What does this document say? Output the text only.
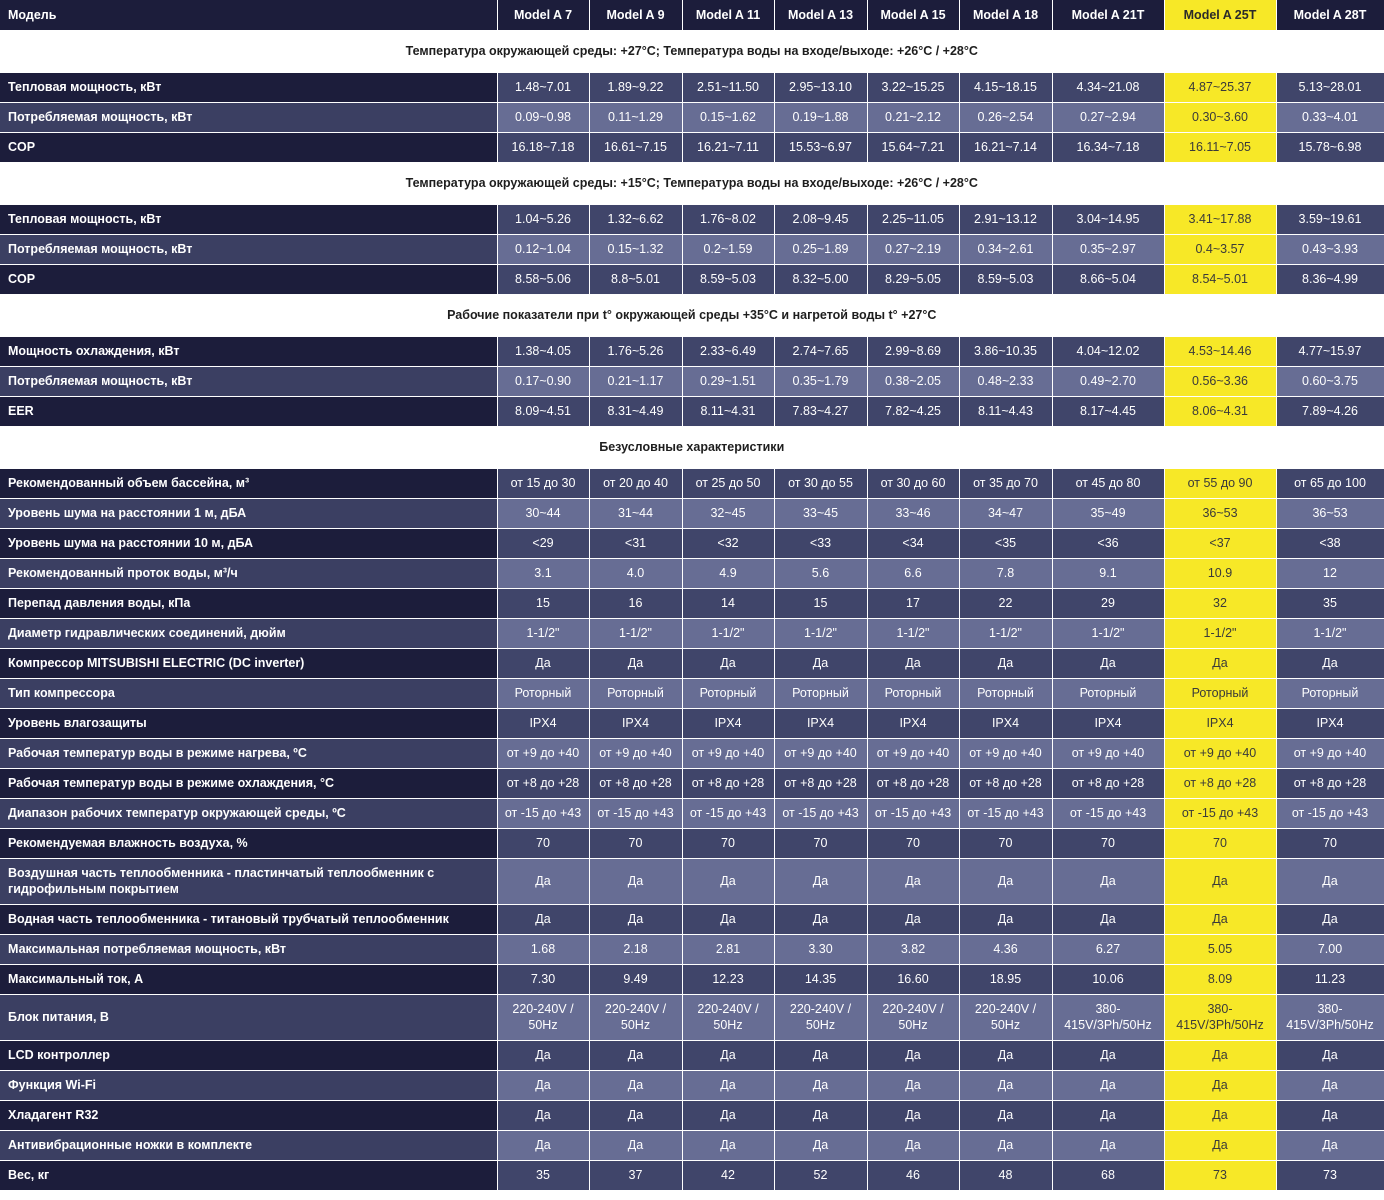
Модель	Model A 7	Model A 9	Model A 11	Model A 13	Model A 15	Model A 18	Model A 21T	Model A 25T	Model A 28T
Температура окружающей среды: +27°C; Температура воды на входе/выходе: +26°C / +28°C									
Тепловая мощность, кВт	1.48~7.01	1.89~9.22	2.51~11.50	2.95~13.10	3.22~15.25	4.15~18.15	4.34~21.08	4.87~25.37	5.13~28.01
Потребляемая мощность, кВт	0.09~0.98	0.11~1.29	0.15~1.62	0.19~1.88	0.21~2.12	0.26~2.54	0.27~2.94	0.30~3.60	0.33~4.01
COP	16.18~7.18	16.61~7.15	16.21~7.11	15.53~6.97	15.64~7.21	16.21~7.14	16.34~7.18	16.11~7.05	15.78~6.98
Температура окружающей среды: +15°C; Температура воды на входе/выходе: +26°C / +28°C									
Тепловая мощность, кВт	1.04~5.26	1.32~6.62	1.76~8.02	2.08~9.45	2.25~11.05	2.91~13.12	3.04~14.95	3.41~17.88	3.59~19.61
Потребляемая мощность, кВт	0.12~1.04	0.15~1.32	0.2~1.59	0.25~1.89	0.27~2.19	0.34~2.61	0.35~2.97	0.4~3.57	0.43~3.93
COP	8.58~5.06	8.8~5.01	8.59~5.03	8.32~5.00	8.29~5.05	8.59~5.03	8.66~5.04	8.54~5.01	8.36~4.99
Рабочие показатели при t° окружающей среды +35°C и нагретой воды t° +27°C									
Мощность охлаждения, кВт	1.38~4.05	1.76~5.26	2.33~6.49	2.74~7.65	2.99~8.69	3.86~10.35	4.04~12.02	4.53~14.46	4.77~15.97
Потребляемая мощность, кВт	0.17~0.90	0.21~1.17	0.29~1.51	0.35~1.79	0.38~2.05	0.48~2.33	0.49~2.70	0.56~3.36	0.60~3.75
EER	8.09~4.51	8.31~4.49	8.11~4.31	7.83~4.27	7.82~4.25	8.11~4.43	8.17~4.45	8.06~4.31	7.89~4.26
Безусловные характеристики									
Рекомендованный объем бассейна, м³	от 15 до 30	от 20 до 40	от 25 до 50	от 30 до 55	от 30 до 60	от 35 до 70	от 45 до 80	от 55 до 90	от 65 до 100
Уровень шума на расстоянии 1 м, дБА	30~44	31~44	32~45	33~45	33~46	34~47	35~49	36~53	36~53
Уровень шума на расстоянии 10 м, дБА	<29	<31	<32	<33	<34	<35	<36	<37	<38
Рекомендованный проток воды, м³/ч	3.1	4.0	4.9	5.6	6.6	7.8	9.1	10.9	12
Перепад давления воды, кПа	15	16	14	15	17	22	29	32	35
Диаметр гидравлических соединений, дюйм	1-1/2"	1-1/2"	1-1/2"	1-1/2"	1-1/2"	1-1/2"	1-1/2"	1-1/2"	1-1/2"
Компрессор MITSUBISHI ELECTRIC (DC inverter)	Да	Да	Да	Да	Да	Да	Да	Да	Да
Тип компрессора	Роторный	Роторный	Роторный	Роторный	Роторный	Роторный	Роторный	Роторный	Роторный
Уровень влагозащиты	IPX4	IPX4	IPX4	IPX4	IPX4	IPX4	IPX4	IPX4	IPX4
Рабочая температур воды в режиме нагрева, ºC	от +9 до +40	от +9 до +40	от +9 до +40	от +9 до +40	от +9 до +40	от +9 до +40	от +9 до +40	от +9 до +40	от +9 до +40
Рабочая температур воды в режиме охлаждения, °C	от +8 до +28	от +8 до +28	от +8 до +28	от +8 до +28	от +8 до +28	от +8 до +28	от +8 до +28	от +8 до +28	от +8 до +28
Диапазон рабочих температур окружающей среды, ºC	от -15 до +43	от -15 до +43	от -15 до +43	от -15 до +43	от -15 до +43	от -15 до +43	от -15 до +43	от -15 до +43	от -15 до +43
Рекомендуемая влажность воздуха, %	70	70	70	70	70	70	70	70	70
Воздушная часть теплообменника - пластинчатый теплообменник с гидрофильным покрытием	Да	Да	Да	Да	Да	Да	Да	Да	Да
Водная часть теплообменника - титановый трубчатый теплообменник	Да	Да	Да	Да	Да	Да	Да	Да	Да
Максимальная потребляемая мощность, кВт	1.68	2.18	2.81	3.30	3.82	4.36	6.27	5.05	7.00
Максимальный ток, А	7.30	9.49	12.23	14.35	16.60	18.95	10.06	8.09	11.23
Блок питания, В	220-240V / 50Hz	220-240V / 50Hz	220-240V / 50Hz	220-240V / 50Hz	220-240V / 50Hz	220-240V / 50Hz	380-415V/3Ph/50Hz	380-415V/3Ph/50Hz	380-415V/3Ph/50Hz
LCD контроллер	Да	Да	Да	Да	Да	Да	Да	Да	Да
Функция Wi-Fi	Да	Да	Да	Да	Да	Да	Да	Да	Да
Хладагент R32	Да	Да	Да	Да	Да	Да	Да	Да	Да
Антивибрационные ножки в комплекте	Да	Да	Да	Да	Да	Да	Да	Да	Да
Вес, кг	35	37	42	52	46	48	68	73	73
